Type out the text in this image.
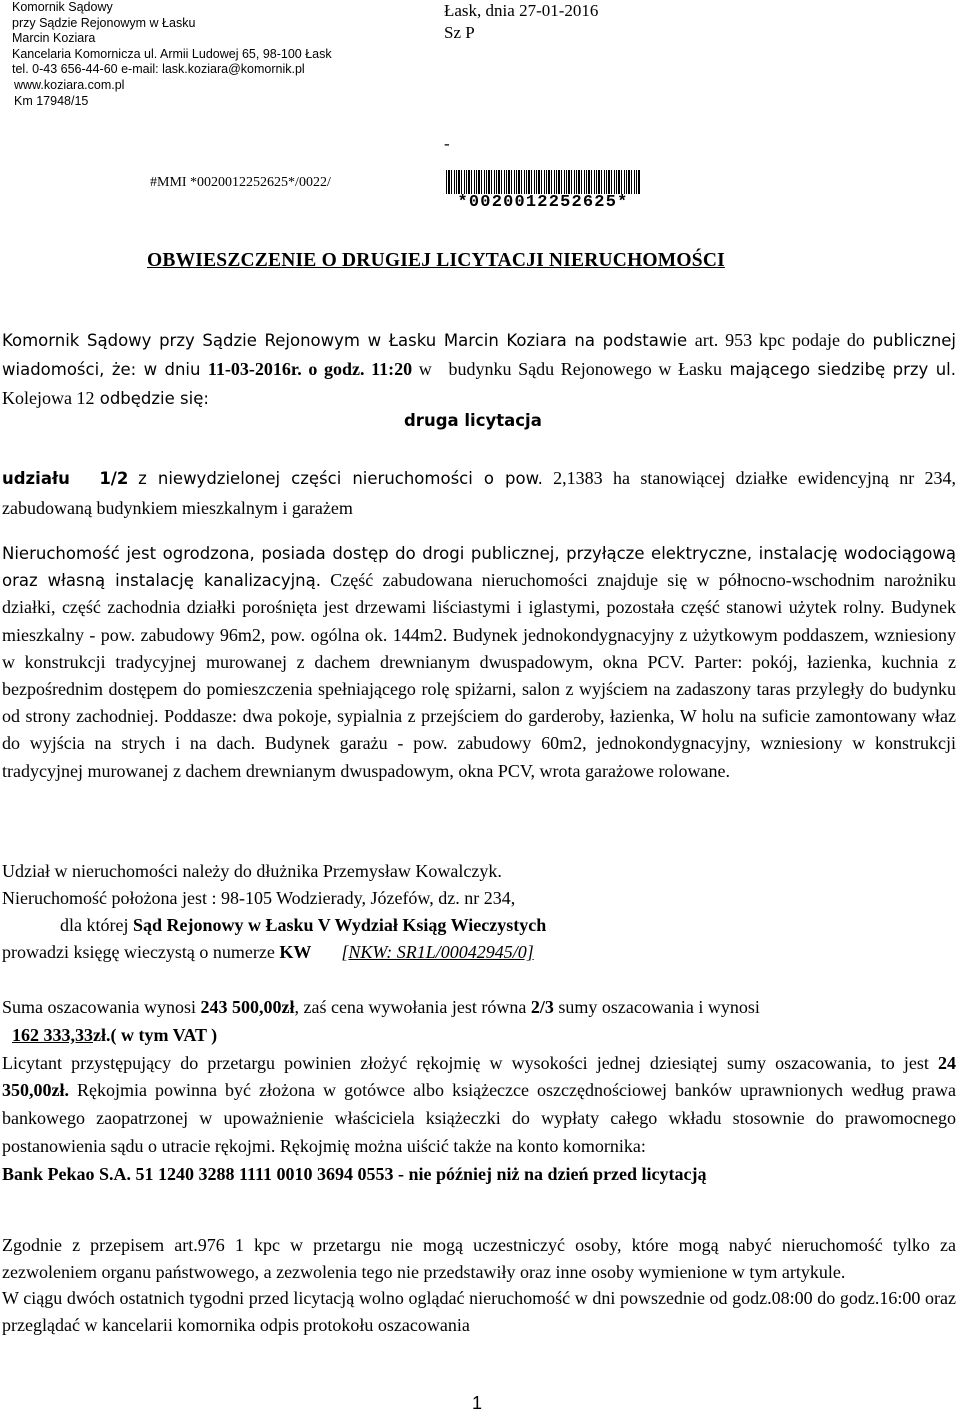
Komornik Sądowy
przy Sądzie Rejonowym w Łasku
Marcin Koziara
Kancelaria Komornicza ul. Armii Ludowej 65, 98-100 Łask
tel. 0-43 656-44-60 e-mail: lask.koziara@komornik.pl
www.koziara.com.pl
Km 17948/15
Łask, dnia 27-01-2016
Sz P
-
#MMI *0020012252625*/0022/
*0020012252625*
OBWIESZCZENIE O DRUGIEJ LICYTACJI NIERUCHOMOŚCI
Komornik Sądowy przy Sądzie Rejonowym w Łasku Marcin Koziara na podstawie art. 953 kpc podaje do publicznej wiadomości, że: w dniu 11-03-2016r. o godz. 11:20 w budynku Sądu Rejonowego w Łasku mającego siedzibę przy ul. Kolejowa 12 odbędzie się:
druga licytacja
udziału 1/2 z niewydzielonej części nieruchomości o pow. 2,1383 ha stanowiącej działke ewidencyjną nr 234, zabudowaną budynkiem mieszkalnym i garażem
Nieruchomość jest ogrodzona, posiada dostęp do drogi publicznej, przyłącze elektryczne, instalację wodociągową oraz własną instalację kanalizacyjną. Część zabudowana nieruchomości znajduje się w północno-wschodnim narożniku działki, część zachodnia działki porośnięta jest drzewami liściastymi i iglastymi, pozostała część stanowi użytek rolny. Budynek mieszkalny - pow. zabudowy 96m2, pow. ogólna ok. 144m2. Budynek jednokondygnacyjny z użytkowym poddaszem, wzniesiony w konstrukcji tradycyjnej murowanej z dachem drewnianym dwuspadowym, okna PCV. Parter: pokój, łazienka, kuchnia z bezpośrednim dostępem do pomieszczenia spełniającego rolę spiżarni, salon z wyjściem na zadaszony taras przyległy do budynku od strony zachodniej. Poddasze: dwa pokoje, sypialnia z przejściem do garderoby, łazienka, W holu na suficie zamontowany właz do wyjścia na strych i na dach. Budynek garażu - pow. zabudowy 60m2, jednokondygnacyjny, wzniesiony w konstrukcji tradycyjnej murowanej z dachem drewnianym dwuspadowym, okna PCV, wrota garażowe rolowane.
Udział w nieruchomości należy do dłużnika Przemysław Kowalczyk.
Nieruchomość położona jest : 98-105 Wodzierady, Józefów, dz. nr 234,
dla której Sąd Rejonowy w Łasku V Wydział Ksiąg Wieczystych
prowadzi księgę wieczystą o numerze KW [NKW: SR1L/00042945/0]
Suma oszacowania wynosi 243 500,00zł, zaś cena wywołania jest równa 2/3 sumy oszacowania i wynosi
162 333,33zł.( w tym VAT )
Licytant przystępujący do przetargu powinien złożyć rękojmię w wysokości jednej dziesiątej sumy oszacowania, to jest 24 350,00zł. Rękojmia powinna być złożona w gotówce albo książeczce oszczędnościowej banków uprawnionych według prawa bankowego zaopatrzonej w upoważnienie właściciela książeczki do wypłaty całego wkładu stosownie do prawomocnego postanowienia sądu o utracie rękojmi. Rękojmię można uiścić także na konto komornika:
Bank Pekao S.A. 51 1240 3288 1111 0010 3694 0553 - nie później niż na dzień przed licytacją
Zgodnie z przepisem art.976 1 kpc w przetargu nie mogą uczestniczyć osoby, które mogą nabyć nieruchomość tylko za zezwoleniem organu państwowego, a zezwolenia tego nie przedstawiły oraz inne osoby wymienione w tym artykule.
W ciągu dwóch ostatnich tygodni przed licytacją wolno oglądać nieruchomość w dni powszednie od godz.08:00 do godz.16:00 oraz przeglądać w kancelarii komornika odpis protokołu oszacowania
1
